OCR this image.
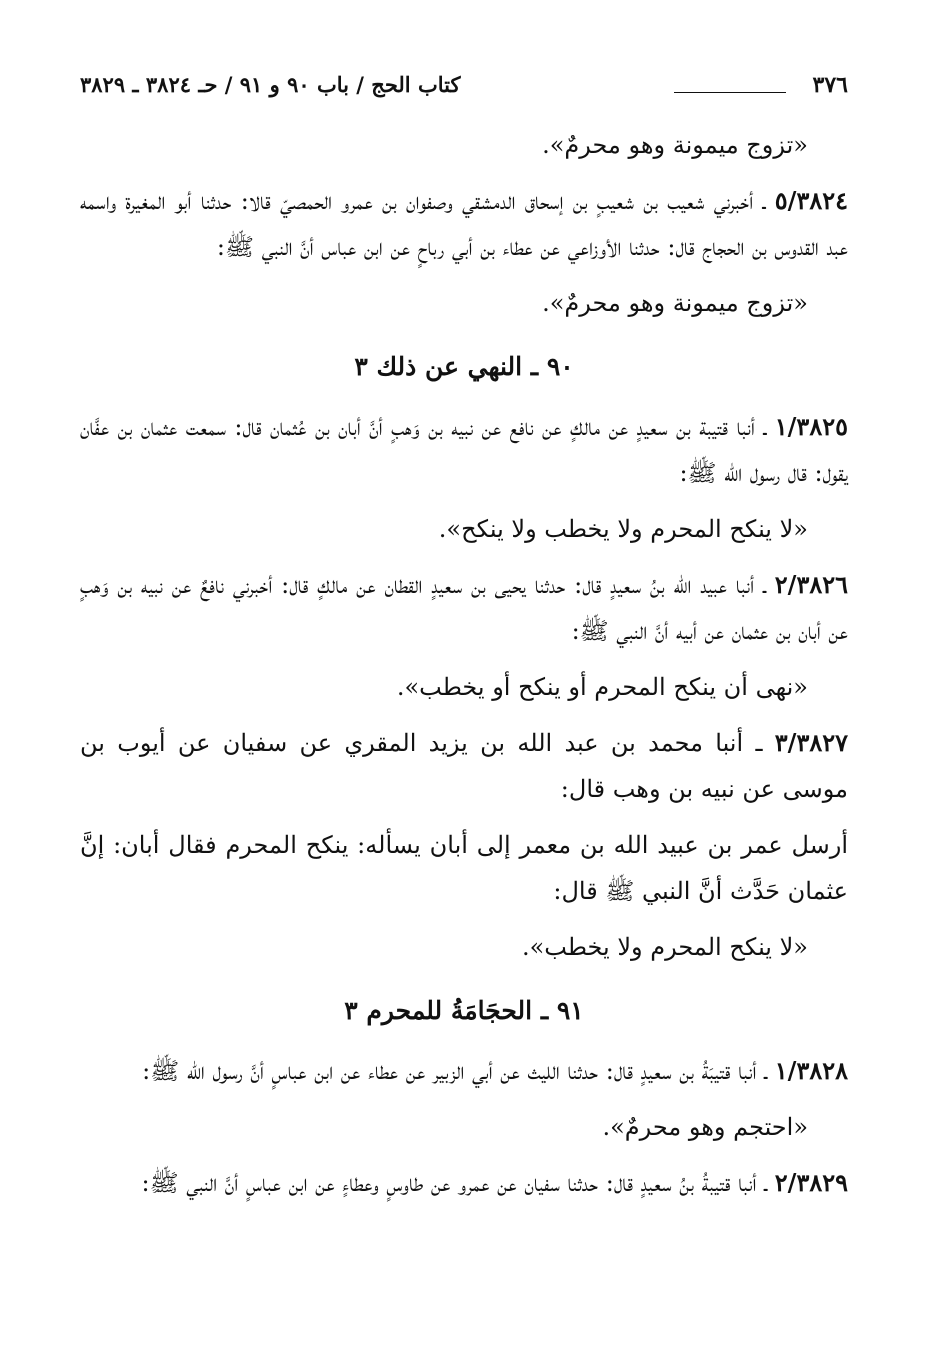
٣٧٦
كتاب الحج / باب ٩٠ و ٩١ / حـ ٣٨٢٤ ـ ٣٨٢٩

«تزوج ميمونة وهو محرمٌ».

٥/٣٨٢٤ ـ أخبرني شعيب بن شعيبٍ بن إسحاق الدمشقي وصفوان بن عمرو الحمصيّ قالا: حدثنا أبو المغيرة واسمه عبد القدوس بن الحجاج قال: حدثنا الأوزاعي عن عطاء بن أبي رباحٍ عن ابن عباس أنَّ النبي ﷺ:

«تزوج ميمونة وهو محرمٌ».

٩٠ ـ النهي عن ذلك ٣

١/٣٨٢٥ ـ أنبا قتيبة بن سعيدٍ عن مالكٍ عن نافع عن نبيه بن وَهبٍ أنَّ أبان بن عُثمان قال: سمعت عثمان بن عفَّان يقول: قال رسول الله ﷺ:

«لا ينكح المحرم ولا يخطب ولا ينكح».

٢/٣٨٢٦ ـ أنبا عبيد الله بنُ سعيدٍ قال: حدثنا يحيى بن سعيدٍ القطان عن مالكٍ قال: أخبرني نافعٌ عن نبيه بن وَهبٍ عن أبان بن عثمان عن أبيه أنَّ النبي ﷺ:

«نهى أن ينكح المحرم أو ينكح أو يخطب».

٣/٣٨٢٧ ـ أنبا محمد بن عبد الله بن يزيد المقري عن سفيان عن أيوب بن موسى عن نبيه بن وهب قال:

أرسل عمر بن عبيد الله بن معمر إلى أبان يسأله: ينكح المحرم فقال أبان: إنَّ عثمان حَدَّث أنَّ النبي ﷺ قال:

«لا ينكح المحرم ولا يخطب».

٩١ ـ الحجَامَةُ للمحرم ٣

١/٣٨٢٨ ـ أنبا قتيبَةُ بن سعيدٍ قال: حدثنا الليث عن أبي الزبير عن عطاء عن ابن عباسٍ أنَّ رسول الله ﷺ:

«احتجم وهو محرمٌ».

٢/٣٨٢٩ ـ أنبا قتيبةُ بنُ سعيدٍ قال: حدثنا سفيان عن عمرو عن طاوسٍ وعطاءٍ عن ابن عباسٍ أنَّ النبي ﷺ:
